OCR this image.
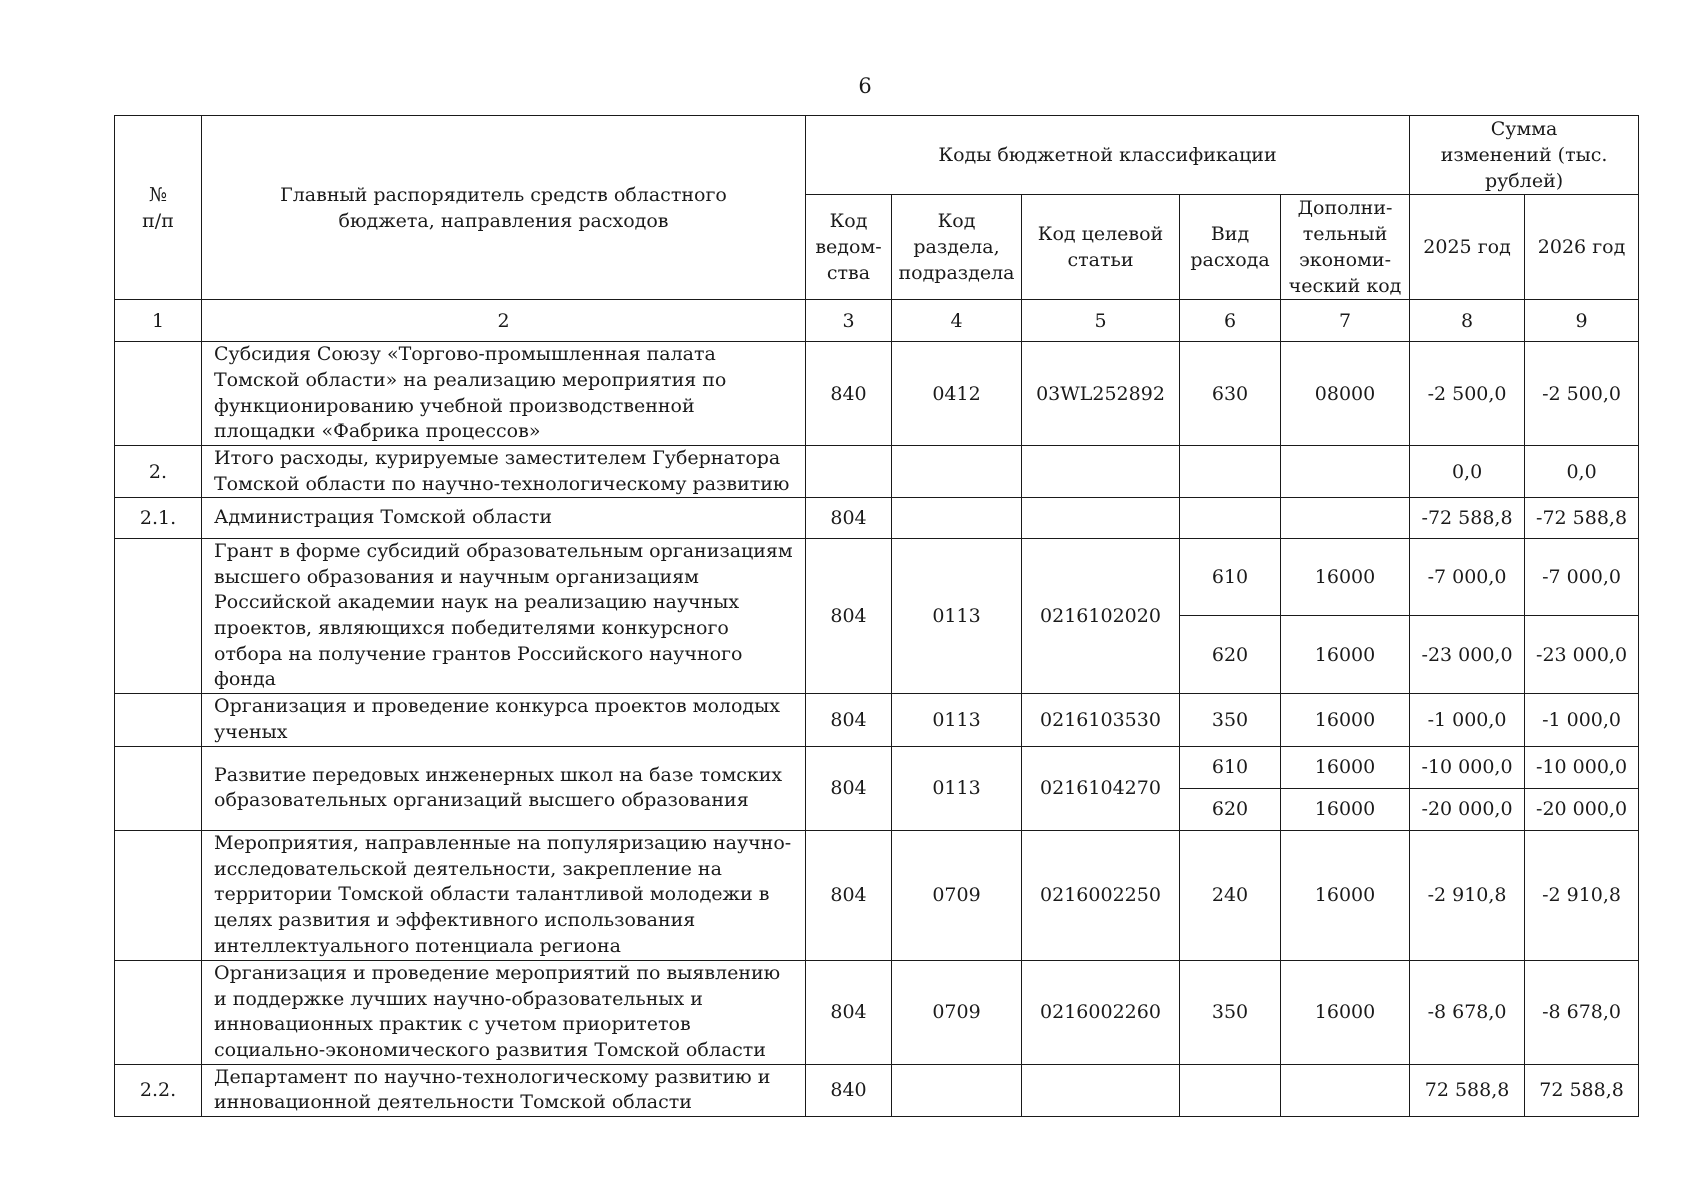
6
№
п/п	Главный распорядитель средств областного бюджета, направления расходов	Коды бюджетной классификации					Сумма изменений (тыс. рублей)	
		Код ведом-ства	Код раздела, подраздела	Код целевой статьи	Вид расхода	Дополни-тельный экономи-ческий код	2025 год	2026 год
1	2	3	4	5	6	7	8	9
	Субсидия Союзу «Торгово-промышленная палата Томской области» на реализацию мероприятия по функционированию учебной производственной площадки «Фабрика процессов»	840	0412	03WL252892	630	08000	-2 500,0	-2 500,0
2.	Итого расходы, курируемые заместителем Губернатора Томской области по научно-технологическому развитию						0,0	0,0
2.1.	Администрация Томской области	804					-72 588,8	-72 588,8
	Грант в форме субсидий образовательным организациям высшего образования и научным организациям Российской академии наук на реализацию научных проектов, являющихся победителями конкурсного отбора на получение грантов Российского научного фонда	804	0113	0216102020	610	16000	-7 000,0	-7 000,0
					620	16000	-23 000,0	-23 000,0
	Организация и проведение конкурса проектов молодых ученых	804	0113	0216103530	350	16000	-1 000,0	-1 000,0
	Развитие передовых инженерных школ на базе томских образовательных организаций высшего образования	804	0113	0216104270	610	16000	-10 000,0	-10 000,0
					620	16000	-20 000,0	-20 000,0
	Мероприятия, направленные на популяризацию научно-исследовательской деятельности, закрепление на территории Томской области талантливой молодежи в целях развития и эффективного использования интеллектуального потенциала региона	804	0709	0216002250	240	16000	-2 910,8	-2 910,8
	Организация и проведение мероприятий по выявлению и поддержке лучших научно-образовательных и инновационных практик с учетом приоритетов социально-экономического развития Томской области	804	0709	0216002260	350	16000	-8 678,0	-8 678,0
2.2.	Департамент по научно-технологическому развитию и инновационной деятельности Томской области	840					72 588,8	72 588,8
